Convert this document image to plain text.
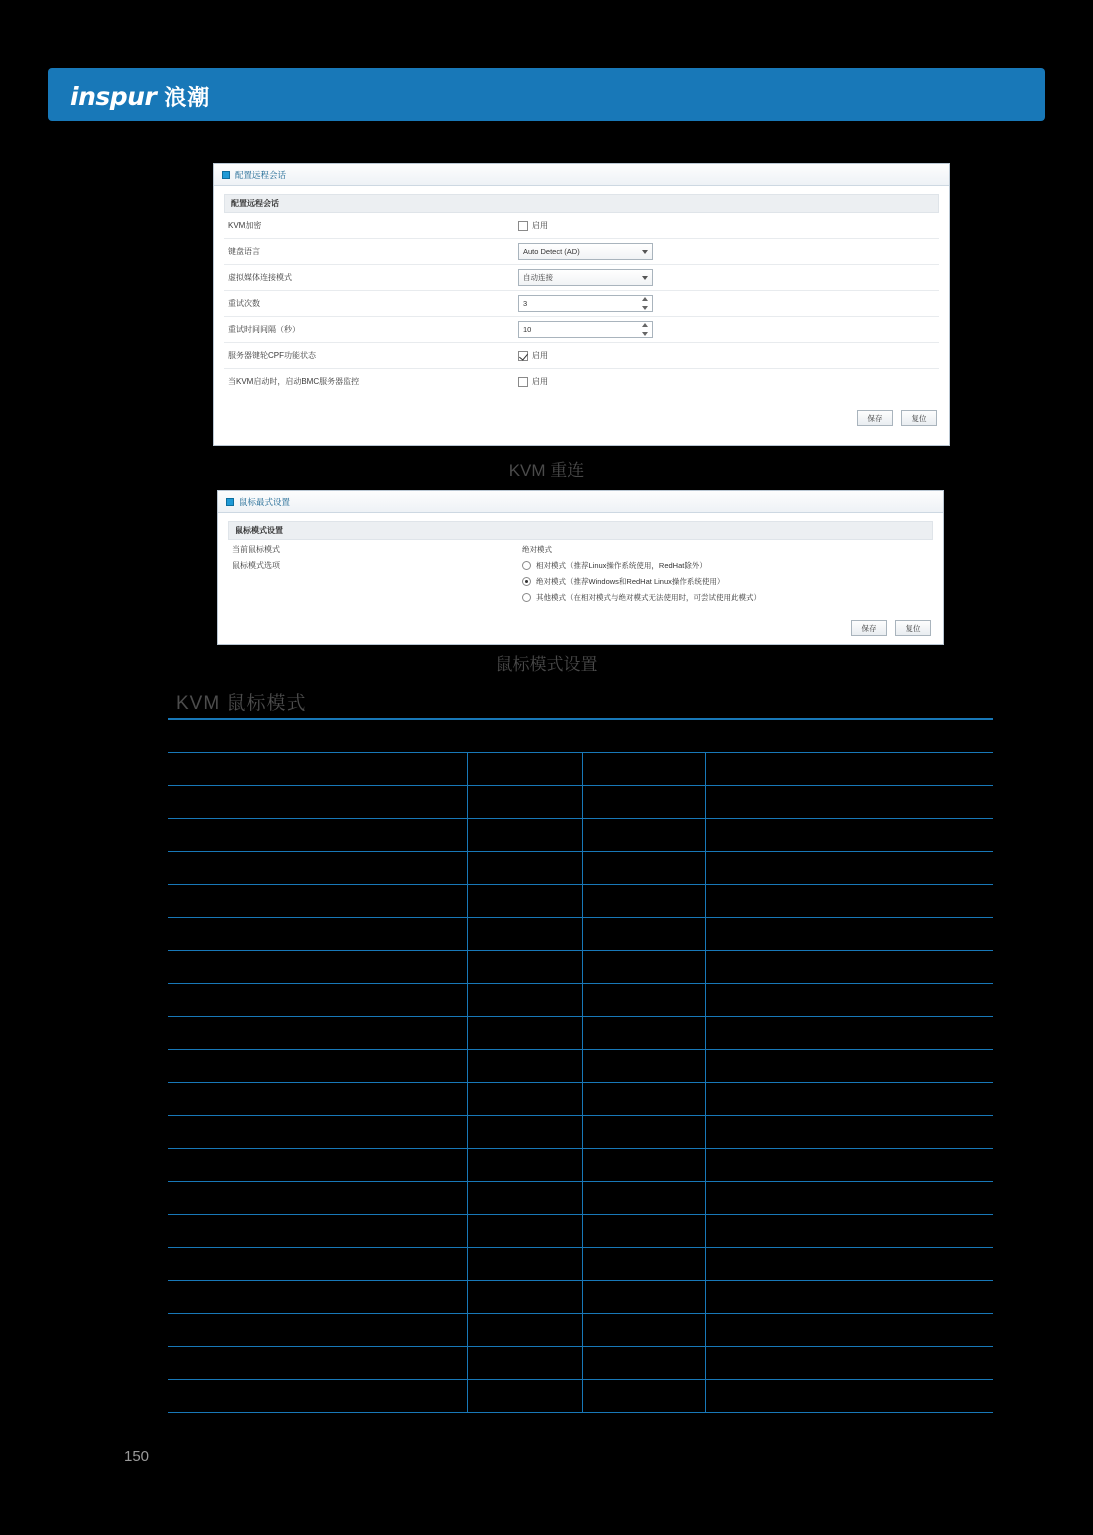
inspur 浪潮
配置远程会话
配置远程会话
KVM加密	启用
键盘语言	Auto Detect (AD)
虚拟媒体连接模式	自动连接
重试次数	3
重试时间间隔（秒）	10
服务器键轮CPF功能状态	启用
当KVM启动时，启动BMC服务器监控	启用
保存	复位
KVM 重连
鼠标最式设置
鼠标模式设置
当前鼠标模式	绝对模式
鼠标模式选项	相对模式（推荐Linux操作系统使用，RedHat除外）
绝对模式（推荐Windows和RedHat Linux操作系统使用）
其他模式（在相对模式与绝对模式无法使用时，可尝试使用此模式）
保存	复位
鼠标模式设置
KVM 鼠标模式

150
